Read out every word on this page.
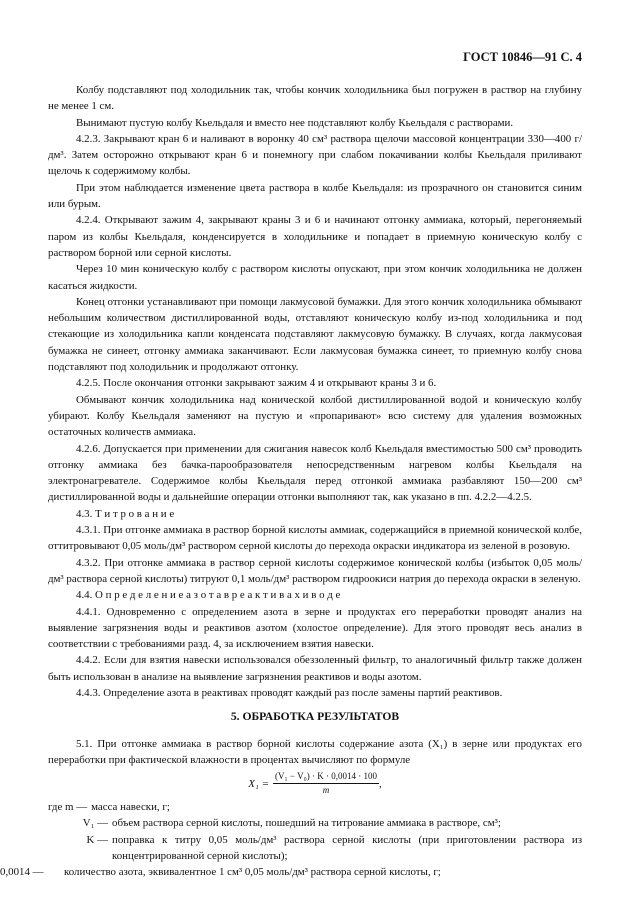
ГОСТ 10846—91 С. 4

Колбу подставляют под холодильник так, чтобы кончик холодильника был погружен в раствор на глубину не менее 1 см.

Вынимают пустую колбу Кьельдаля и вместо нее подставляют колбу Кьельдаля с растворами.

4.2.3. Закрывают кран 6 и наливают в воронку 40 см³ раствора щелочи массовой концентрации 330—400 г/дм³. Затем осторожно открывают кран 6 и понемногу при слабом покачивании колбы Кьельдаля приливают щелочь к содержимому колбы.

При этом наблюдается изменение цвета раствора в колбе Кьельдаля: из прозрачного он становится синим или бурым.

4.2.4. Открывают зажим 4, закрывают краны 3 и 6 и начинают отгонку аммиака, который, перегоняемый паром из колбы Кьельдаля, конденсируется в холодильнике и попадает в приемную коническую колбу с раствором борной или серной кислоты.

Через 10 мин коническую колбу с раствором кислоты опускают, при этом кончик холодильника не должен касаться жидкости.

Конец отгонки устанавливают при помощи лакмусовой бумажки. Для этого кончик холодильника обмывают небольшим количеством дистиллированной воды, отставляют коническую колбу из-под холодильника и под стекающие из холодильника капли конденсата подставляют лакмусовую бумажку. В случаях, когда лакмусовая бумажка не синеет, отгонку аммиака заканчивают. Если лакмусовая бумажка синеет, то приемную колбу снова подставляют под холодильник и продолжают отгонку.

4.2.5. После окончания отгонки закрывают зажим 4 и открывают краны 3 и 6.

Обмывают кончик холодильника над конической колбой дистиллированной водой и коническую колбу убирают. Колбу Кьельдаля заменяют на пустую и «пропаривают» всю систему для удаления возможных остаточных количеств аммиака.

4.2.6. Допускается при применении для сжигания навесок колб Кьельдаля вместимостью 500 см³ проводить отгонку аммиака без бачка-парообразователя непосредственным нагревом колбы Кьельдаля на электронагревателе. Содержимое колбы Кьельдаля перед отгонкой аммиака разбавляют 150—200 см³ дистиллированной воды и дальнейшие операции отгонки выполняют так, как указано в пп. 4.2.2—4.2.5.

4.3. Т и т р о в а н и е

4.3.1. При отгонке аммиака в раствор борной кислоты аммиак, содержащийся в приемной конической колбе, оттитровывают 0,05 моль/дм³ раствором серной кислоты до перехода окраски индикатора из зеленой в розовую.

4.3.2. При отгонке аммиака в раствор серной кислоты содержимое конической колбы (избыток 0,05 моль/дм³ раствора серной кислоты) титруют 0,1 моль/дм³ раствором гидроокиси натрия до перехода окраски в зеленую.

4.4. О п р е д е л е н и е а з о т а в р е а к т и в а х и в о д е

4.4.1. Одновременно с определением азота в зерне и продуктах его переработки проводят анализ на выявление загрязнения воды и реактивов азотом (холостое определение). Для этого проводят весь анализ в соответствии с требованиями разд. 4, за исключением взятия навески.

4.4.2. Если для взятия навески использовался обеззоленный фильтр, то аналогичный фильтр также должен быть использован в анализе на выявление загрязнения реактивов и воды азотом.

4.4.3. Определение азота в реактивах проводят каждый раз после замены партий реактивов.

5. ОБРАБОТКА РЕЗУЛЬТАТОВ

5.1. При отгонке аммиака в раствор борной кислоты содержание азота (X₁) в зерне или продуктах его переработки при фактической влажности в процентах вычисляют по формуле

$X_1 = \frac{\text{(V₁ − V₀) · K · 0,0014 · 100}}{m}$ ,
где m — масса навески, г;
V₁ — объем раствора серной кислоты, пошедший на титрование аммиака в растворе, см³;
K — поправка к титру 0,05 моль/дм³ раствора серной кислоты (при приготовлении раствора из концентрированной серной кислоты);
0,0014 —	количество азота, эквивалентное 1 см³ 0,05 моль/дм³ раствора серной кислоты, г;
